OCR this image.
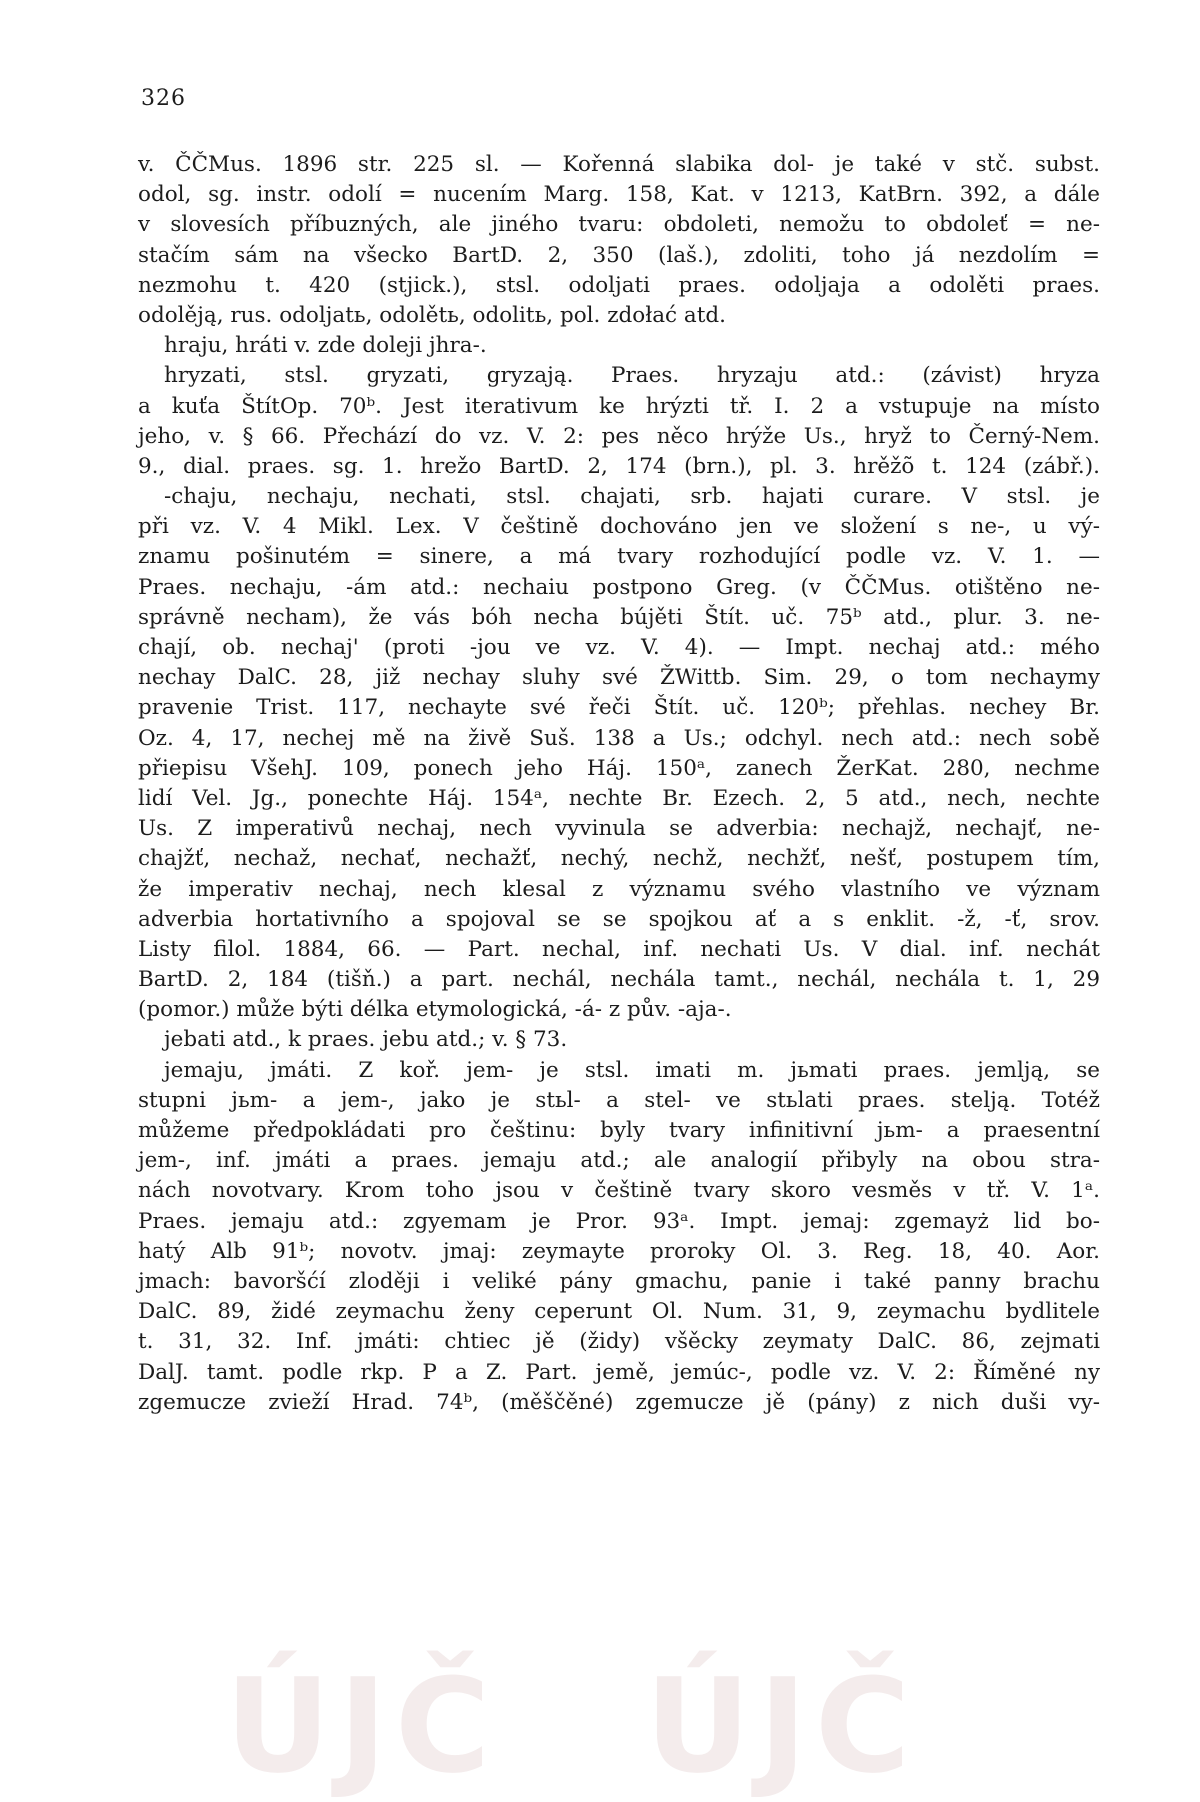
326
v. ČČMus. 1896 str. 225 sl. — Kořenná slabika dol- je také v stč. subst.
odol, sg. instr. odolí = nucením Marg. 158, Kat. v 1213, KatBrn. 392, a dále
v slovesích příbuzných, ale jiného tvaru: obdoleti, nemožu to obdoleť = ne-
stačím sám na všecko BartD. 2, 350 (laš.), zdoliti, toho já nezdolím =
nezmohu t. 420 (stjick.), stsl. odoljati praes. odoljaja a odolěti praes.
odolěją, rus. odoljatь, odolětь, odolitь, pol. zdołać atd.
hraju, hráti v. zde doleji jhra-.
hryzati, stsl. gryzati, gryzają. Praes. hryzaju atd.: (závist) hryza
a kuťa ŠtítOp. 70ᵇ. Jest iterativum ke hrýzti tř. I. 2 a vstupuje na místo
jeho, v. § 66. Přechází do vz. V. 2: pes něco hrýže Us., hryž to Černý-Nem.
9., dial. praes. sg. 1. hrežo BartD. 2, 174 (brn.), pl. 3. hrěžõ t. 124 (zábř.).
-chaju, nechaju, nechati, stsl. chajati, srb. hajati curare. V stsl. je
při vz. V. 4 Mikl. Lex. V češtině dochováno jen ve složení s ne-, u vý-
znamu pošinutém = sinere, a má tvary rozhodující podle vz. V. 1. —
Praes. nechaju, -ám atd.: nechaiu postpono Greg. (v ČČMus. otištěno ne-
správně necham), že vás bóh necha bújěti Štít. uč. 75ᵇ atd., plur. 3. ne-
chají, ob. nechaj' (proti -jou ve vz. V. 4). — Impt. nechaj atd.: mého
nechay DalC. 28, již nechay sluhy své ŽWittb. Sim. 29, o tom nechaymy
pravenie Trist. 117, nechayte své řeči Štít. uč. 120ᵇ; přehlas. nechey Br.
Oz. 4, 17, nechej mě na živě Suš. 138 a Us.; odchyl. nech atd.: nech sobě
přiepisu VšehJ. 109, ponech jeho Háj. 150ᵃ, zanech ŽerKat. 280, nechme
lidí Vel. Jg., ponechte Háj. 154ᵃ, nechte Br. Ezech. 2, 5 atd., nech, nechte
Us. Z imperativů nechaj, nech vyvinula se adverbia: nechajž, nechajť, ne-
chajžť, nechaž, nechať, nechažť, nechý, nechž, nechžť, nešť, postupem tím,
že imperativ nechaj, nech klesal z významu svého vlastního ve význam
adverbia hortativního a spojoval se se spojkou ať a s enklit. -ž, -ť, srov.
Listy filol. 1884, 66. — Part. nechal, inf. nechati Us. V dial. inf. nechát
BartD. 2, 184 (tišň.) a part. nechál, nechála tamt., nechál, nechála t. 1, 29
(pomor.) může býti délka etymologická, -á- z pův. -aja-.
jebati atd., k praes. jebu atd.; v. § 73.
jemaju, jmáti. Z koř. jem- je stsl. imati m. jьmati praes. jemlją, se
stupni jьm- a jem-, jako je stьl- a stel- ve stьlati praes. stelją. Totéž
můžeme předpokládati pro češtinu: byly tvary infinitivní jьm- a praesentní
jem-, inf. jmáti a praes. jemaju atd.; ale analogií přibyly na obou stra-
nách novotvary. Krom toho jsou v češtině tvary skoro vesměs v tř. V. 1ᵃ.
Praes. jemaju atd.: zgyemam je Pror. 93ᵃ. Impt. jemaj: zgemayż lid bo-
hatý Alb 91ᵇ; novotv. jmaj: zeymayte proroky Ol. 3. Reg. 18, 40. Aor.
jmach: bavoršćí zloději i veliké pány gmachu, panie i také panny brachu
DalC. 89, židé zeymachu ženy ceperunt Ol. Num. 31, 9, zeymachu bydlitele
t. 31, 32. Inf. jmáti: chtiec jě (židy) všěcky zeymaty DalC. 86, zejmati
DalJ. tamt. podle rkp. P a Z. Part. jemě, jemúc-, podle vz. V. 2: Říměné ny
zgemucze zvieží Hrad. 74ᵇ, (měščěné) zgemucze jě (pány) z nich duši vy-
ÚJČ ÚJČ
